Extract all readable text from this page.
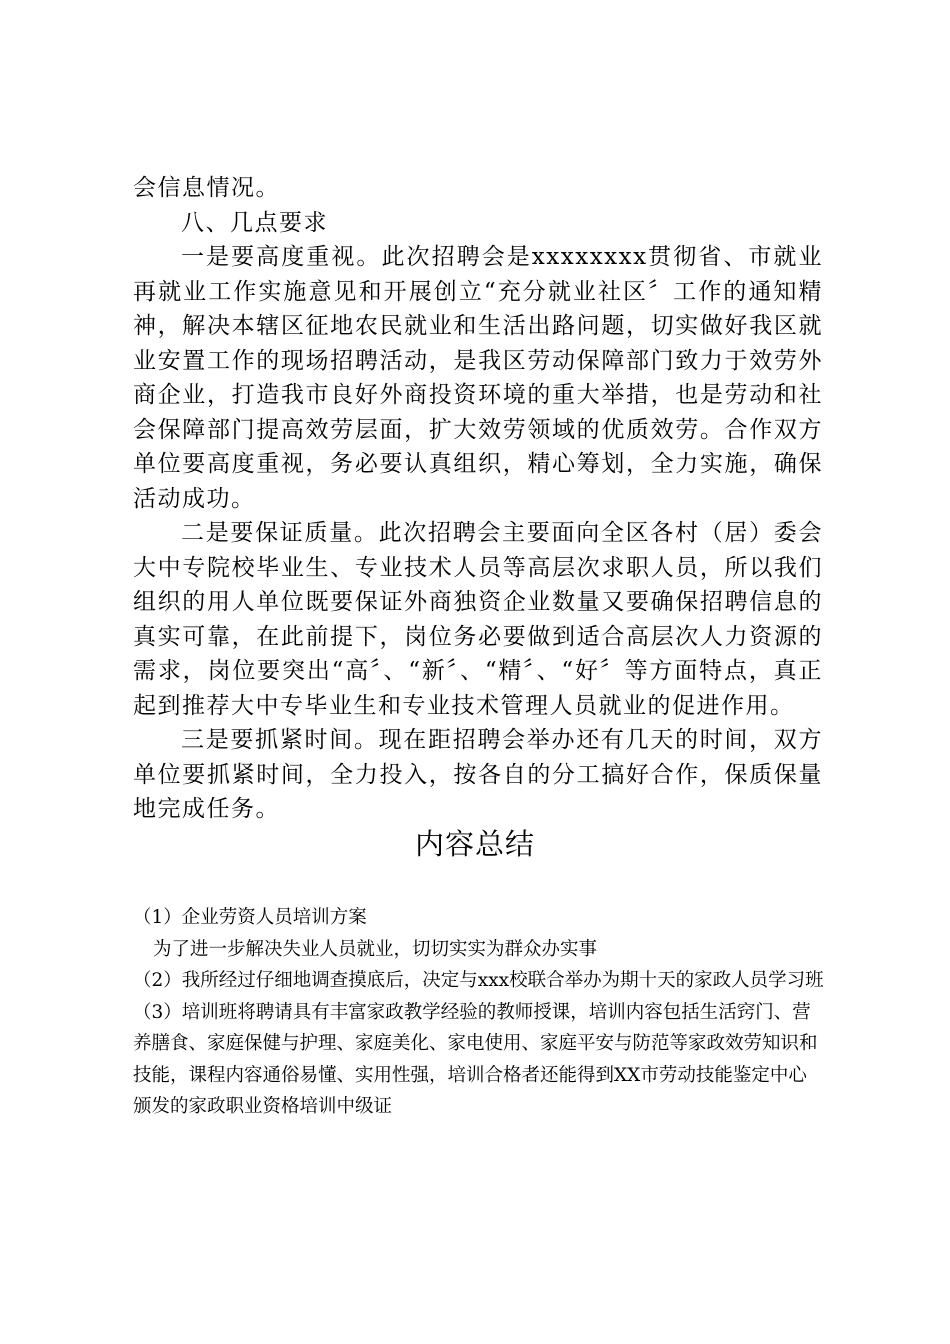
会信息情况。

八、几点要求

一是要高度重视。此次招聘会是xxxxxxxx贯彻省、市就业再就业工作实施意见和开展创立“充分就业社区〞工作的通知精神，解决本辖区征地农民就业和生活出路问题，切实做好我区就业安置工作的现场招聘活动，是我区劳动保障部门致力于效劳外商企业，打造我市良好外商投资环境的重大举措，也是劳动和社会保障部门提高效劳层面，扩大效劳领域的优质效劳。合作双方单位要高度重视，务必要认真组织，精心筹划，全力实施，确保活动成功。

二是要保证质量。此次招聘会主要面向全区各村（居）委会大中专院校毕业生、专业技术人员等高层次求职人员，所以我们组织的用人单位既要保证外商独资企业数量又要确保招聘信息的真实可靠，在此前提下，岗位务必要做到适合高层次人力资源的需求，岗位要突出“高〞、“新〞、“精〞、“好〞等方面特点，真正起到推荐大中专毕业生和专业技术管理人员就业的促进作用。

三是要抓紧时间。现在距招聘会举办还有几天的时间，双方单位要抓紧时间，全力投入，按各自的分工搞好合作，保质保量地完成任务。

内容总结

（1）企业劳资人员培训方案

为了进一步解决失业人员就业，切切实实为群众办实事

（2）我所经过仔细地调查摸底后，决定与xxx校联合举办为期十天的家政人员学习班

（3）培训班将聘请具有丰富家政教学经验的教师授课，培训内容包括生活窍门、营养膳食、家庭保健与护理、家庭美化、家电使用、家庭平安与防范等家政效劳知识和技能，课程内容通俗易懂、实用性强，培训合格者还能得到XX市劳动技能鉴定中心颁发的家政职业资格培训中级证
